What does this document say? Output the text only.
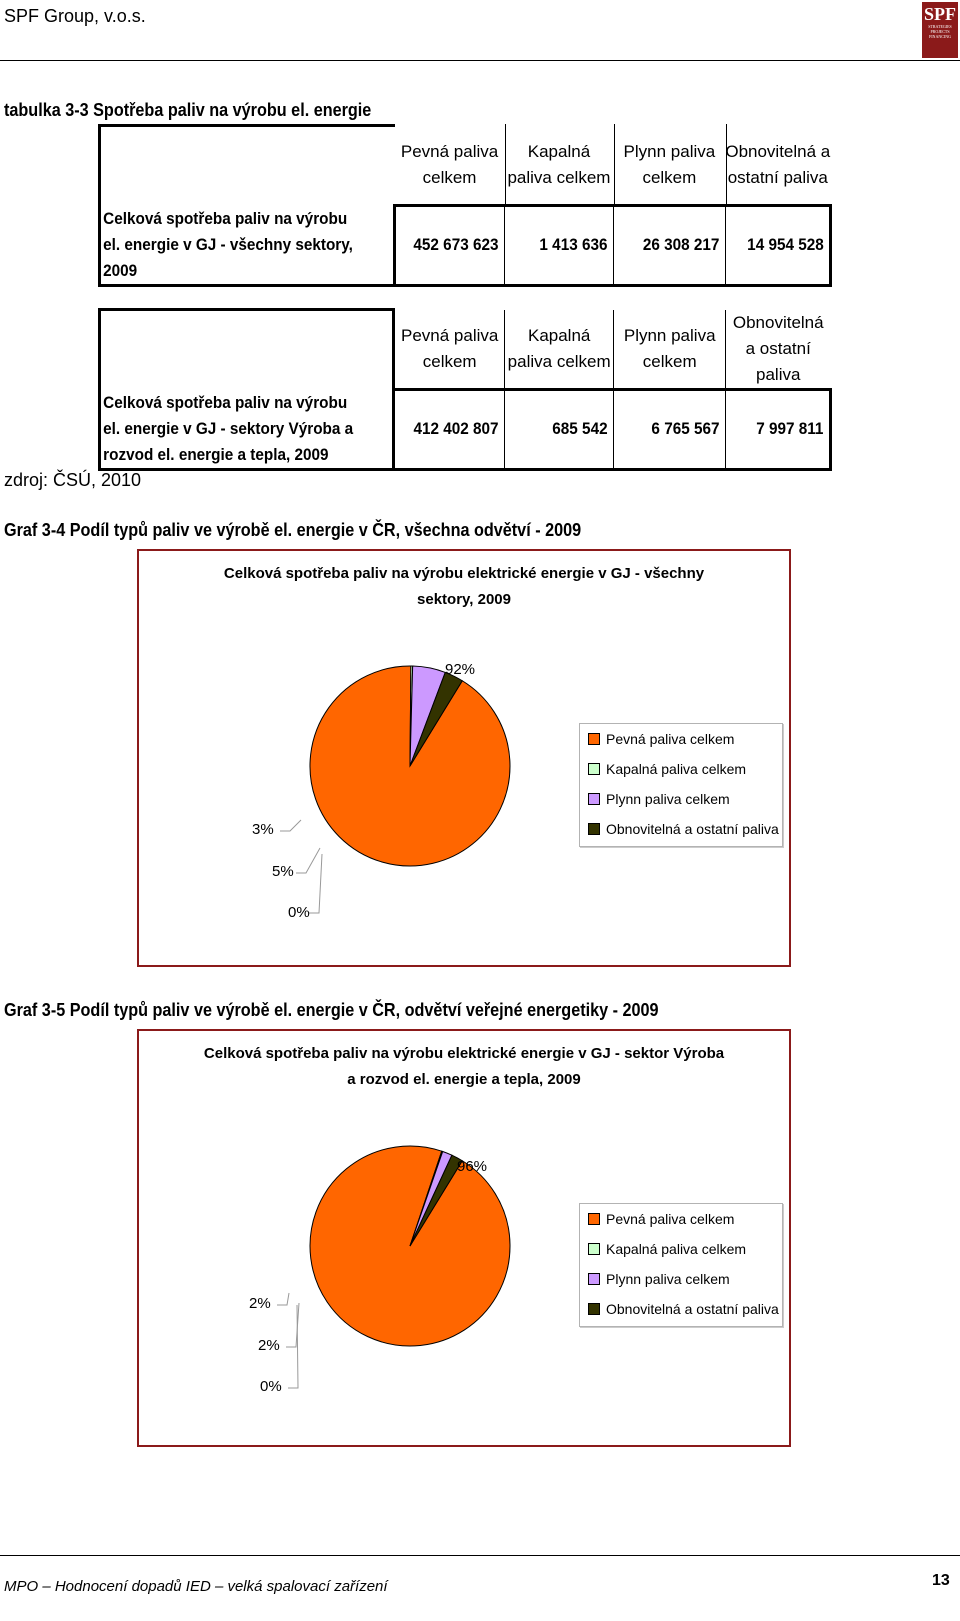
SPF Group, v.o.s.	SPF
STRATEGIES
PROJECTS
FINANCING
tabulka 3-3 Spotřeba paliv na výrobu el. energie
	Pevná paliva celkem	Kapalná paliva celkem	Plynn paliva celkem	Obnovitelná a ostatní paliva
Celková spotřeba paliv na výrobu el. energie v GJ - všechny sektory, 2009	452 673 623	1 413 636	26 308 217	14 954 528
	Pevná paliva celkem	Kapalná paliva celkem	Plynn paliva celkem	Obnovitelná a ostatní paliva
Celková spotřeba paliv na výrobu el. energie v GJ - sektory Výroba a rozvod el. energie a tepla, 2009	412 402 807	685 542	6 765 567	7 997 811
zdroj: ČSÚ, 2010
Graf 3-4 Podíl typů paliv ve výrobě el. energie v ČR, všechna odvětví - 2009
Celková spotřeba paliv na výrobu elektrické energie v GJ - všechny
sektory, 2009
92%
3%
5%
0%
Pevná paliva celkem
Kapalná paliva celkem
Plynn paliva celkem
Obnovitelná a ostatní paliva
Graf 3-5 Podíl typů paliv ve výrobě el. energie v ČR, odvětví veřejné energetiky - 2009
Celková spotřeba paliv na výrobu elektrické energie v GJ - sektor Výroba
a rozvod el. energie a tepla, 2009
96%
2%
2%
0%
Pevná paliva celkem
Kapalná paliva celkem
Plynn paliva celkem
Obnovitelná a ostatní paliva
MPO – Hodnocení dopadů IED – velká spalovací zařízení	13
